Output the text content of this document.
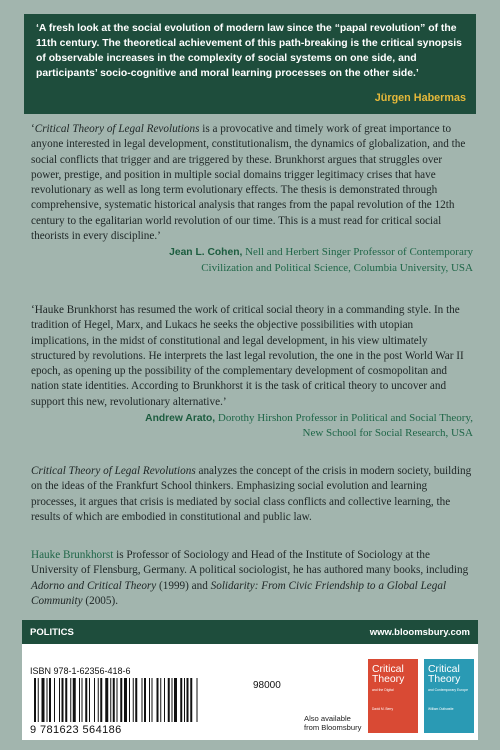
‘A fresh look at the social evolution of modern law since the “papal revolution” of the 11th century. The theoretical achievement of this path-breaking is the critical synopsis of observable increases in the complexity of social systems on one side, and participants’ socio-cognitive and moral learning processes on the other side.’
Jürgen Habermas

‘Critical Theory of Legal Revolutions is a provocative and timely work of great importance to anyone interested in legal development, constitutionalism, the dynamics of globalization, and the social conflicts that trigger and are triggered by these. Brunkhorst argues that struggles over power, prestige, and position in multiple social domains trigger legitimacy crises that have revolutionary as well as long term evolutionary effects. The thesis is demonstrated through comprehensive, systematic historical analysis that ranges from the papal revolution of the 12th century to the egalitarian world revolution of our time. This is a must read for critical social theorists in every discipline.’

Jean L. Cohen, Nell and Herbert Singer Professor of Contemporary
Civilization and Political Science, Columbia University, USA

‘Hauke Brunkhorst has resumed the work of critical social theory in a commanding style. In the tradition of Hegel, Marx, and Lukacs he seeks the objective possibilities with utopian implications, in the midst of constitutional and legal development, in his view ultimately structured by revolutions. He interprets the last legal revolution, the one in the post World War II epoch, as opening up the possibility of the complementary development of cosmopolitan and nation state identities. According to Brunkhorst it is the task of critical theory to uncover and support this new, revolutionary alternative.’

Andrew Arato, Dorothy Hirshon Professor in Political and Social Theory,
New School for Social Research, USA

Critical Theory of Legal Revolutions analyzes the concept of the crisis in modern society, building on the ideas of the Frankfurt School thinkers. Emphasizing social evolution and learning processes, it argues that crisis is mediated by social class conflicts and collective learning, the results of which are embodied in constitutional and public law.

Hauke Brunkhorst is Professor of Sociology and Head of the Institute of Sociology at the University of Flensburg, Germany. A political sociologist, he has authored many books, including Adorno and Critical Theory (1999) and Solidarity: From Civic Friendship to a Global Legal Community (2005).

POLITICS	www.bloomsbury.com
ISBN 978-1-62356-418-6
98000
9 781623 564186
Also available
from Bloomsbury
Critical Theory
and the Digital
David M. Berry
Critical Theory
and Contemporary Europe
William Outhwaite
